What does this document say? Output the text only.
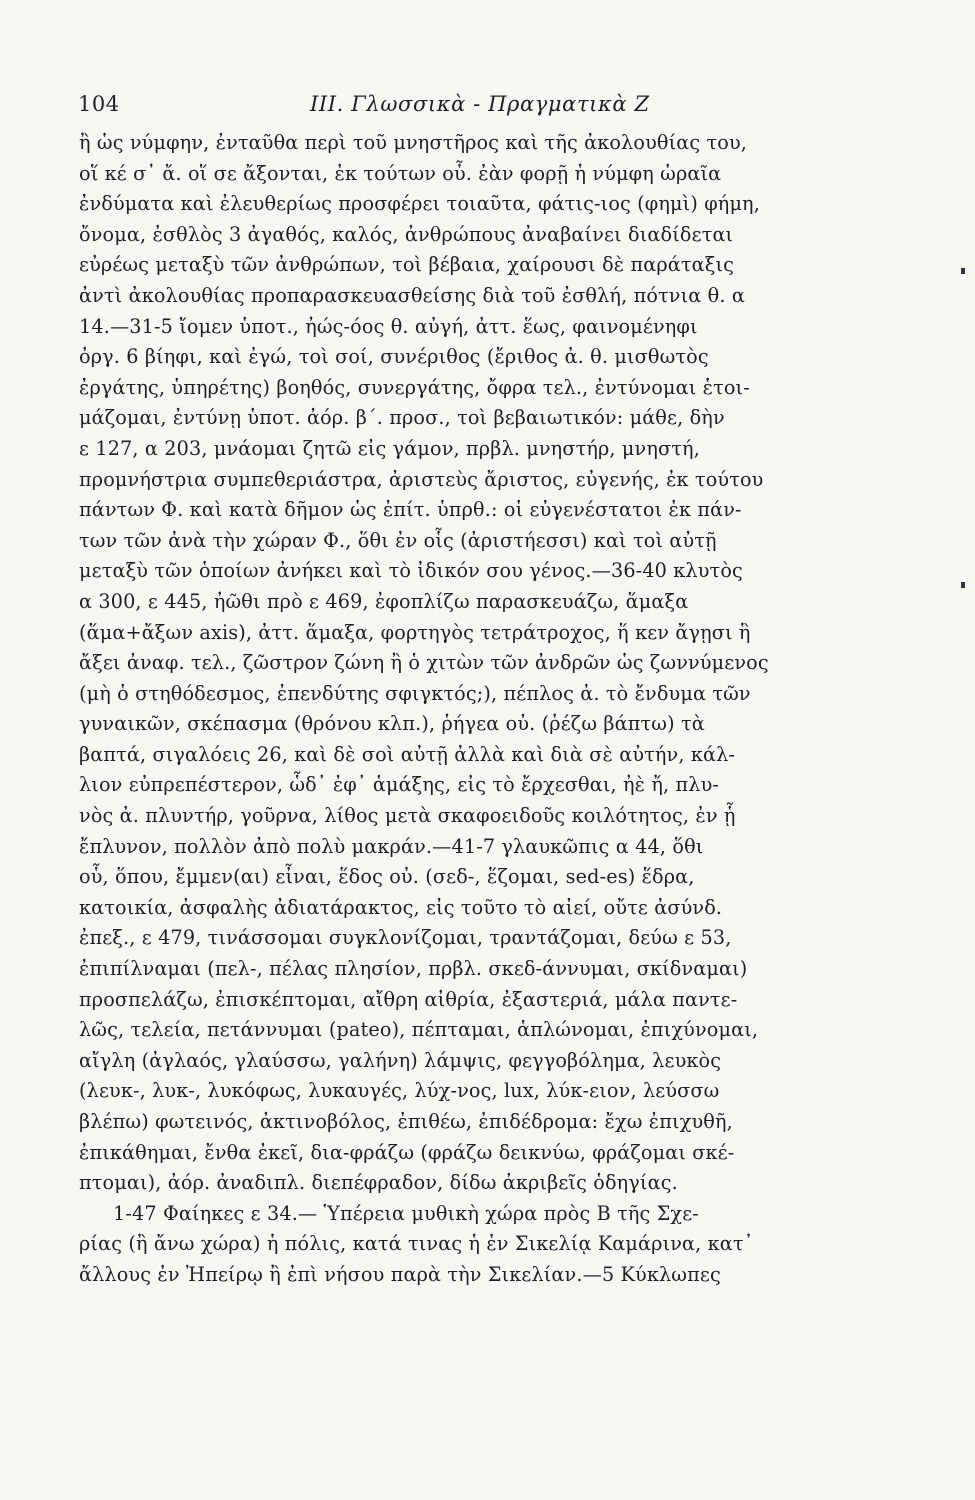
104	III. Γλωσσικὰ - Πραγματικὰ Ζ
ἢ ὡς νύμφην, ἐνταῦθα περὶ τοῦ μνηστῆρος καὶ τῆς ἀκολουθίας του,
οἵ κέ σ᾽ ἄ. οἵ σε ἄξονται, ἐκ τούτων οὗ. ἐὰν φορῇ ἡ νύμφη ὡραῖα
ἐνδύματα καὶ ἐλευθερίως προσφέρει τοιαῦτα, φάτις-ιος (φημὶ) φήμη,
ὄνομα, ἐσθλὸς 3 ἀγαθός, καλός, ἀνθρώπους ἀναβαίνει διαδίδεται
εὐρέως μεταξὺ τῶν ἀνθρώπων, τοὶ βέβαια, χαίρουσι δὲ παράταξις
ἀντὶ ἀκολουθίας προπαρασκευασθείσης διὰ τοῦ ἐσθλή, πότνια θ. α
14.—31-5 ἴομεν ὑποτ., ἠώς-όος θ. αὐγή, ἀττ. ἕως, φαινομένηφι
ὀργ. 6 βίηφι, καὶ ἐγώ, τοὶ σοί, συνέριθος (ἔριθος ἀ. θ. μισθωτὸς
ἐργάτης, ὑπηρέτης) βοηθός, συνεργάτης, ὄφρα τελ., ἐντύνομαι ἑτοι-
μάζομαι, ἐντύνῃ ὑποτ. ἀόρ. β΄. προσ., τοὶ βεβαιωτικόν: μάθε, δὴν
ε 127, α 203, μνάομαι ζητῶ εἰς γάμον, πρβλ. μνηστήρ, μνηστή,
προμνήστρια συμπεθεριάστρα, ἀριστεὺς ἄριστος, εὐγενής, ἐκ τούτου
πάντων Φ. καὶ κατὰ δῆμον ὡς ἐπίτ. ὑπρθ.: οἱ εὐγενέστατοι ἐκ πάν-
των τῶν ἀνὰ τὴν χώραν Φ., ὅθι ἐν οἷς (ἀριστήεσσι) καὶ τοὶ αὐτῇ
μεταξὺ τῶν ὁποίων ἀνήκει καὶ τὸ ἰδικόν σου γένος.—36-40 κλυτὸς
α 300, ε 445, ἠῶθι πρὸ ε 469, ἐφοπλίζω παρασκευάζω, ἅμαξα
(ἅμα+ἄξων axis), ἀττ. ἅμαξα, φορτηγὸς τετράτροχος, ἥ κεν ἄγῃσι ἣ
ἄξει ἀναφ. τελ., ζῶστρον ζώνη ἢ ὁ χιτὼν τῶν ἀνδρῶν ὡς ζωννύμενος
(μὴ ὁ στηθόδεσμος, ἐπενδύτης σφιγκτός;), πέπλος ἀ. τὸ ἔνδυμα τῶν
γυναικῶν, σκέπασμα (θρόνου κλπ.), ῥήγεα οὐ. (ῥέζω βάπτω) τὰ
βαπτά, σιγαλόεις 26, καὶ δὲ σοὶ αὐτῇ ἀλλὰ καὶ διὰ σὲ αὐτήν, κάλ-
λιον εὐπρεπέστερον, ὧδ᾽ ἐφ᾽ ἁμάξης, εἰς τὸ ἔρχεσθαι, ἠὲ ἤ, πλυ-
νὸς ἀ. πλυντήρ, γοῦρνα, λίθος μετὰ σκαφοειδοῦς κοιλότητος, ἐν ᾗ
ἔπλυνον, πολλὸν ἀπὸ πολὺ μακράν.—41-7 γλαυκῶπις α 44, ὅθι
οὗ, ὅπου, ἔμμεν(αι) εἶναι, ἕδος οὐ. (σεδ-, ἕζομαι, sed-es) ἕδρα,
κατοικία, ἀσφαλὴς ἀδιατάρακτος, εἰς τοῦτο τὸ αἰεί, οὔτε ἀσύνδ.
ἐπεξ., ε 479, τινάσσομαι συγκλονίζομαι, τραντάζομαι, δεύω ε 53,
ἐπιπίλναμαι (πελ-, πέλας πλησίον, πρβλ. σκεδ-άννυμαι, σκίδναμαι)
προσπελάζω, ἐπισκέπτομαι, αἴθρη αἰθρία, ἐξαστεριά, μάλα παντε-
λῶς, τελεία, πετάννυμαι (pateo), πέπταμαι, ἁπλώνομαι, ἐπιχύνομαι,
αἴγλη (ἀγλαός, γλαύσσω, γαλήνη) λάμψις, φεγγοβόλημα, λευκὸς
(λευκ-, λυκ-, λυκόφως, λυκαυγές, λύχ-νος, lux, λύκ-ειον, λεύσσω
βλέπω) φωτεινός, ἀκτινοβόλος, ἐπιθέω, ἐπιδέδρομα: ἔχω ἐπιχυθῆ,
ἐπικάθημαι, ἔνθα ἐκεῖ, δια-φράζω (φράζω δεικνύω, φράζομαι σκέ-
πτομαι), ἀόρ. ἀναδιπλ. διεπέφραδον, δίδω ἀκριβεῖς ὁδηγίας.
1-47 Φαίηκες ε 34.— Ὑπέρεια μυθικὴ χώρα πρὸς Β τῆς Σχε-
ρίας (ἢ ἄνω χώρα) ἡ πόλις, κατά τινας ἡ ἐν Σικελίᾳ Καμάρινα, κατ᾽
ἄλλους ἐν Ἠπείρῳ ἢ ἐπὶ νήσου παρὰ τὴν Σικελίαν.—5 Κύκλωπες
